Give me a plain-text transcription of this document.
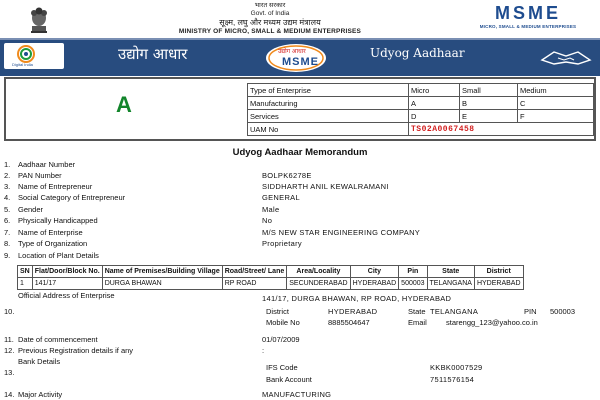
भारत सरकार
Govt. of India
सूक्ष्म, लघु और मध्यम उद्यम मंत्रालय
MINISTRY OF MICRO, SMALL & MEDIUM ENTERPRISES
MSME
MICRO, SMALL & MEDIUM ENTERPRISES
Digital India
उद्योग आधार	उद्योग आधार
MSME
Udyog Aadhaar
A
Type of Enterprise	Micro	Small	Medium
Manufacturing	A	B	C
Services	D	E	F
UAM No	TS02A0067458		
Udyog Aadhaar Memorandum
1. Aadhaar Number
2. PAN Number	BOLPK6278E
3. Name of Entrepreneur	SIDDHARTH ANIL KEWALRAMANI
4. Social Category of Entrepreneur	GENERAL
5. Gender	Male
6. Physically Handicapped	No
7. Name of Enterprise	M/S NEW STAR ENGINEERING COMPANY
8. Type of Organization	Proprietary
9. Location of Plant Details
SN	Flat/Door/Block No.	Name of Premises/Building Village	Road/Street/ Lane	Area/Locality	City	Pin	State	District
1	141/17	DURGA BHAWAN	RP ROAD	SECUNDERABAD	HYDERABAD	500003	TELANGANA	HYDERABAD
Official Address of Enterprise
10.
141/17, DURGA BHAWAN, RP ROAD, HYDERABAD
District	HYDERABAD	State TELANGANA	PIN 500003
Mobile No	8885504647	Email	starengg_123@yahoo.co.in
11. Date of commencement	01/07/2009
12. Previous Registration details if any	:
Bank Details
13.
IFS Code	KKBK0007529
Bank Account	7511576154
14. Major Activity	MANUFACTURING
